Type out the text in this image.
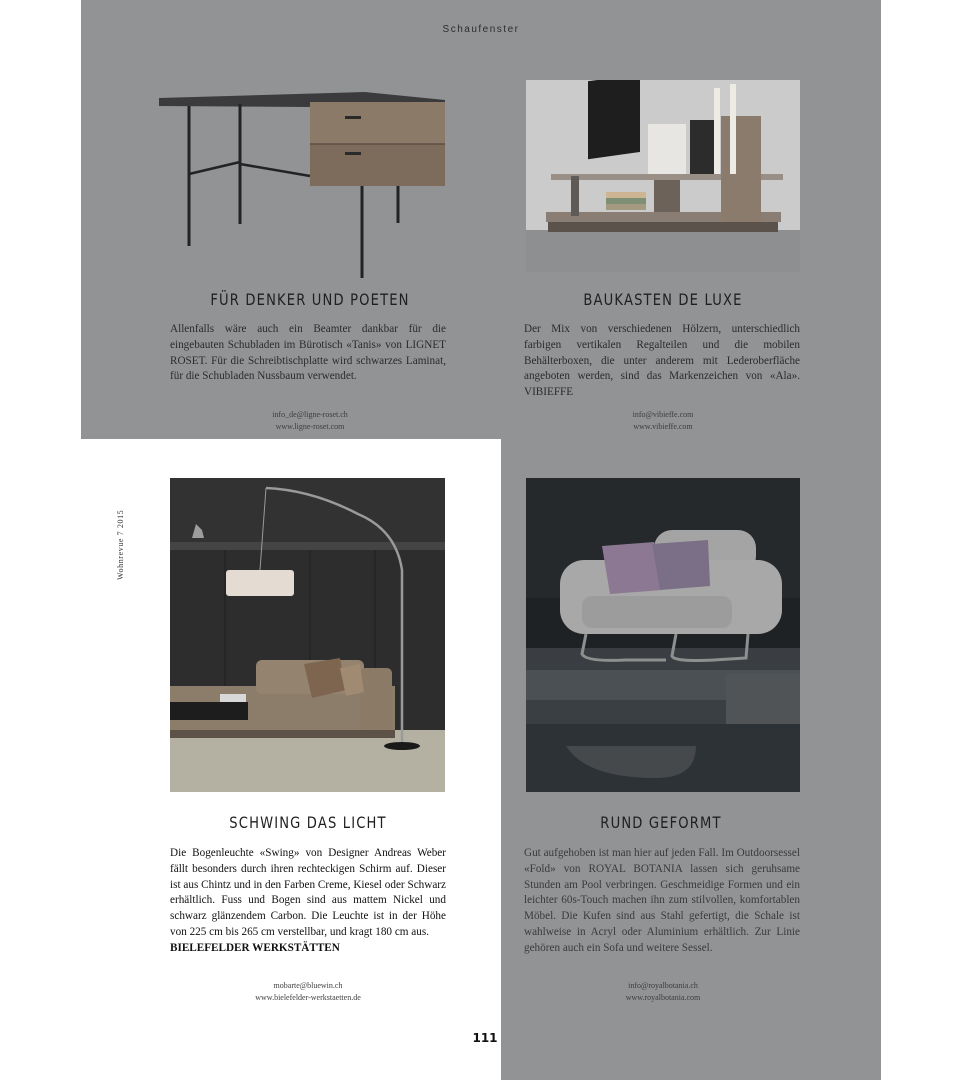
Schaufenster
Wohnrevue 7 2015
FÜR DENKER UND POETEN
Allenfalls wäre auch ein Beamter dankbar für die eingebauten Schubladen im Bürotisch «Tanis» von LIGNET ROSET. Für die Schreibtischplatte wird schwarzes Laminat, für die Schubladen Nussbaum verwendet.
info_de@ligne-roset.ch
www.ligne-roset.com
BAUKASTEN DE LUXE
Der Mix von verschiedenen Hölzern, unterschiedlich farbigen vertikalen Regalteilen und die mobilen Behälterboxen, die unter anderem mit Lederoberfläche angeboten werden, sind das Markenzeichen von «Ala». VIBIEFFE
info@vibieffe.com
www.vibieffe.com
SCHWING DAS LICHT
Die Bogenleuchte «Swing» von Designer Andreas Weber fällt besonders durch ihren rechteckigen Schirm auf. Dieser ist aus Chintz und in den Farben Creme, Kiesel oder Schwarz erhältlich. Fuss und Bogen sind aus mattem Nickel und schwarz glänzendem Carbon. Die Leuchte ist in der Höhe von 225 cm bis 265 cm verstellbar, und kragt 180 cm aus.
BIELEFELDER WERKSTÄTTEN
mobarte@bluewin.ch
www.bielefelder-werkstaetten.de
RUND GEFORMT
Gut aufgehoben ist man hier auf jeden Fall. Im Outdoorsessel «Fold» von ROYAL BOTANIA lassen sich geruhsame Stunden am Pool verbringen. Geschmeidige Formen und ein leichter 60s-Touch machen ihn zum stilvollen, komfortablen Möbel. Die Kufen sind aus Stahl gefertigt, die Schale ist wahlweise in Acryl oder Aluminium erhältlich. Zur Linie gehören auch ein Sofa und weitere Sessel.
info@royalbotania.ch
www.royalbotania.com
111
